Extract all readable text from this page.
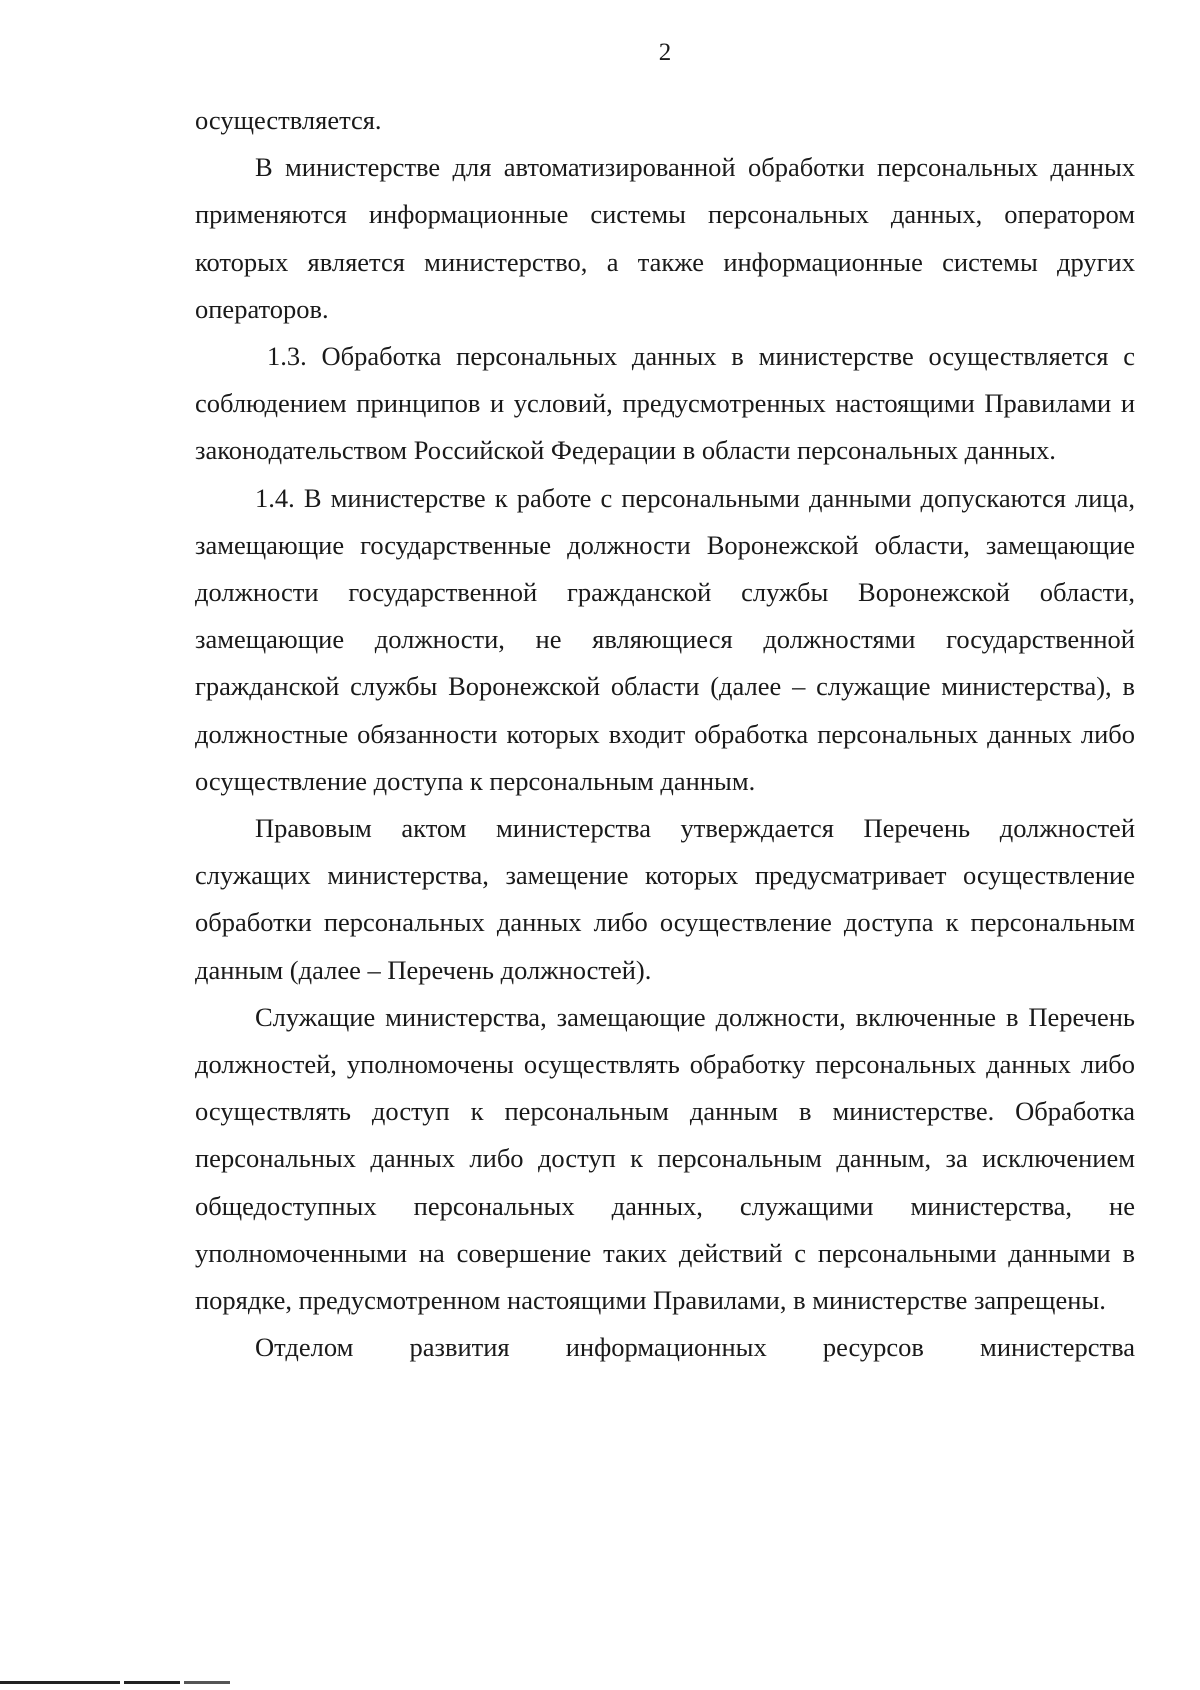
2

осуществляется.

В министерстве для автоматизированной обработки персональных данных применяются информационные системы персональных данных, оператором которых является министерство, а также информационные системы других операторов.

1.3. Обработка персональных данных в министерстве осуществляется с соблюдением принципов и условий, предусмотренных настоящими Правилами и законодательством Российской Федерации в области персональных данных.

1.4. В министерстве к работе с персональными данными допускаются лица, замещающие государственные должности Воронежской области, замещающие должности государственной гражданской службы Воронежской области, замещающие должности, не являющиеся должностями государственной гражданской службы Воронежской области (далее – служащие министерства), в должностные обязанности которых входит обработка персональных данных либо осуществление доступа к персональным данным.

Правовым актом министерства утверждается Перечень должностей служащих министерства, замещение которых предусматривает осуществление обработки персональных данных либо осуществление доступа к персональным данным (далее – Перечень должностей).

Служащие министерства, замещающие должности, включенные в Перечень должностей, уполномочены осуществлять обработку персональных данных либо осуществлять доступ к персональным данным в министерстве. Обработка персональных данных либо доступ к персональным данным, за исключением общедоступных персональных данных, служащими министерства, не уполномоченными на совершение таких действий с персональными данными в порядке, предусмотренном настоящими Правилами, в министерстве запрещены.

Отделом развития информационных ресурсов министерства
